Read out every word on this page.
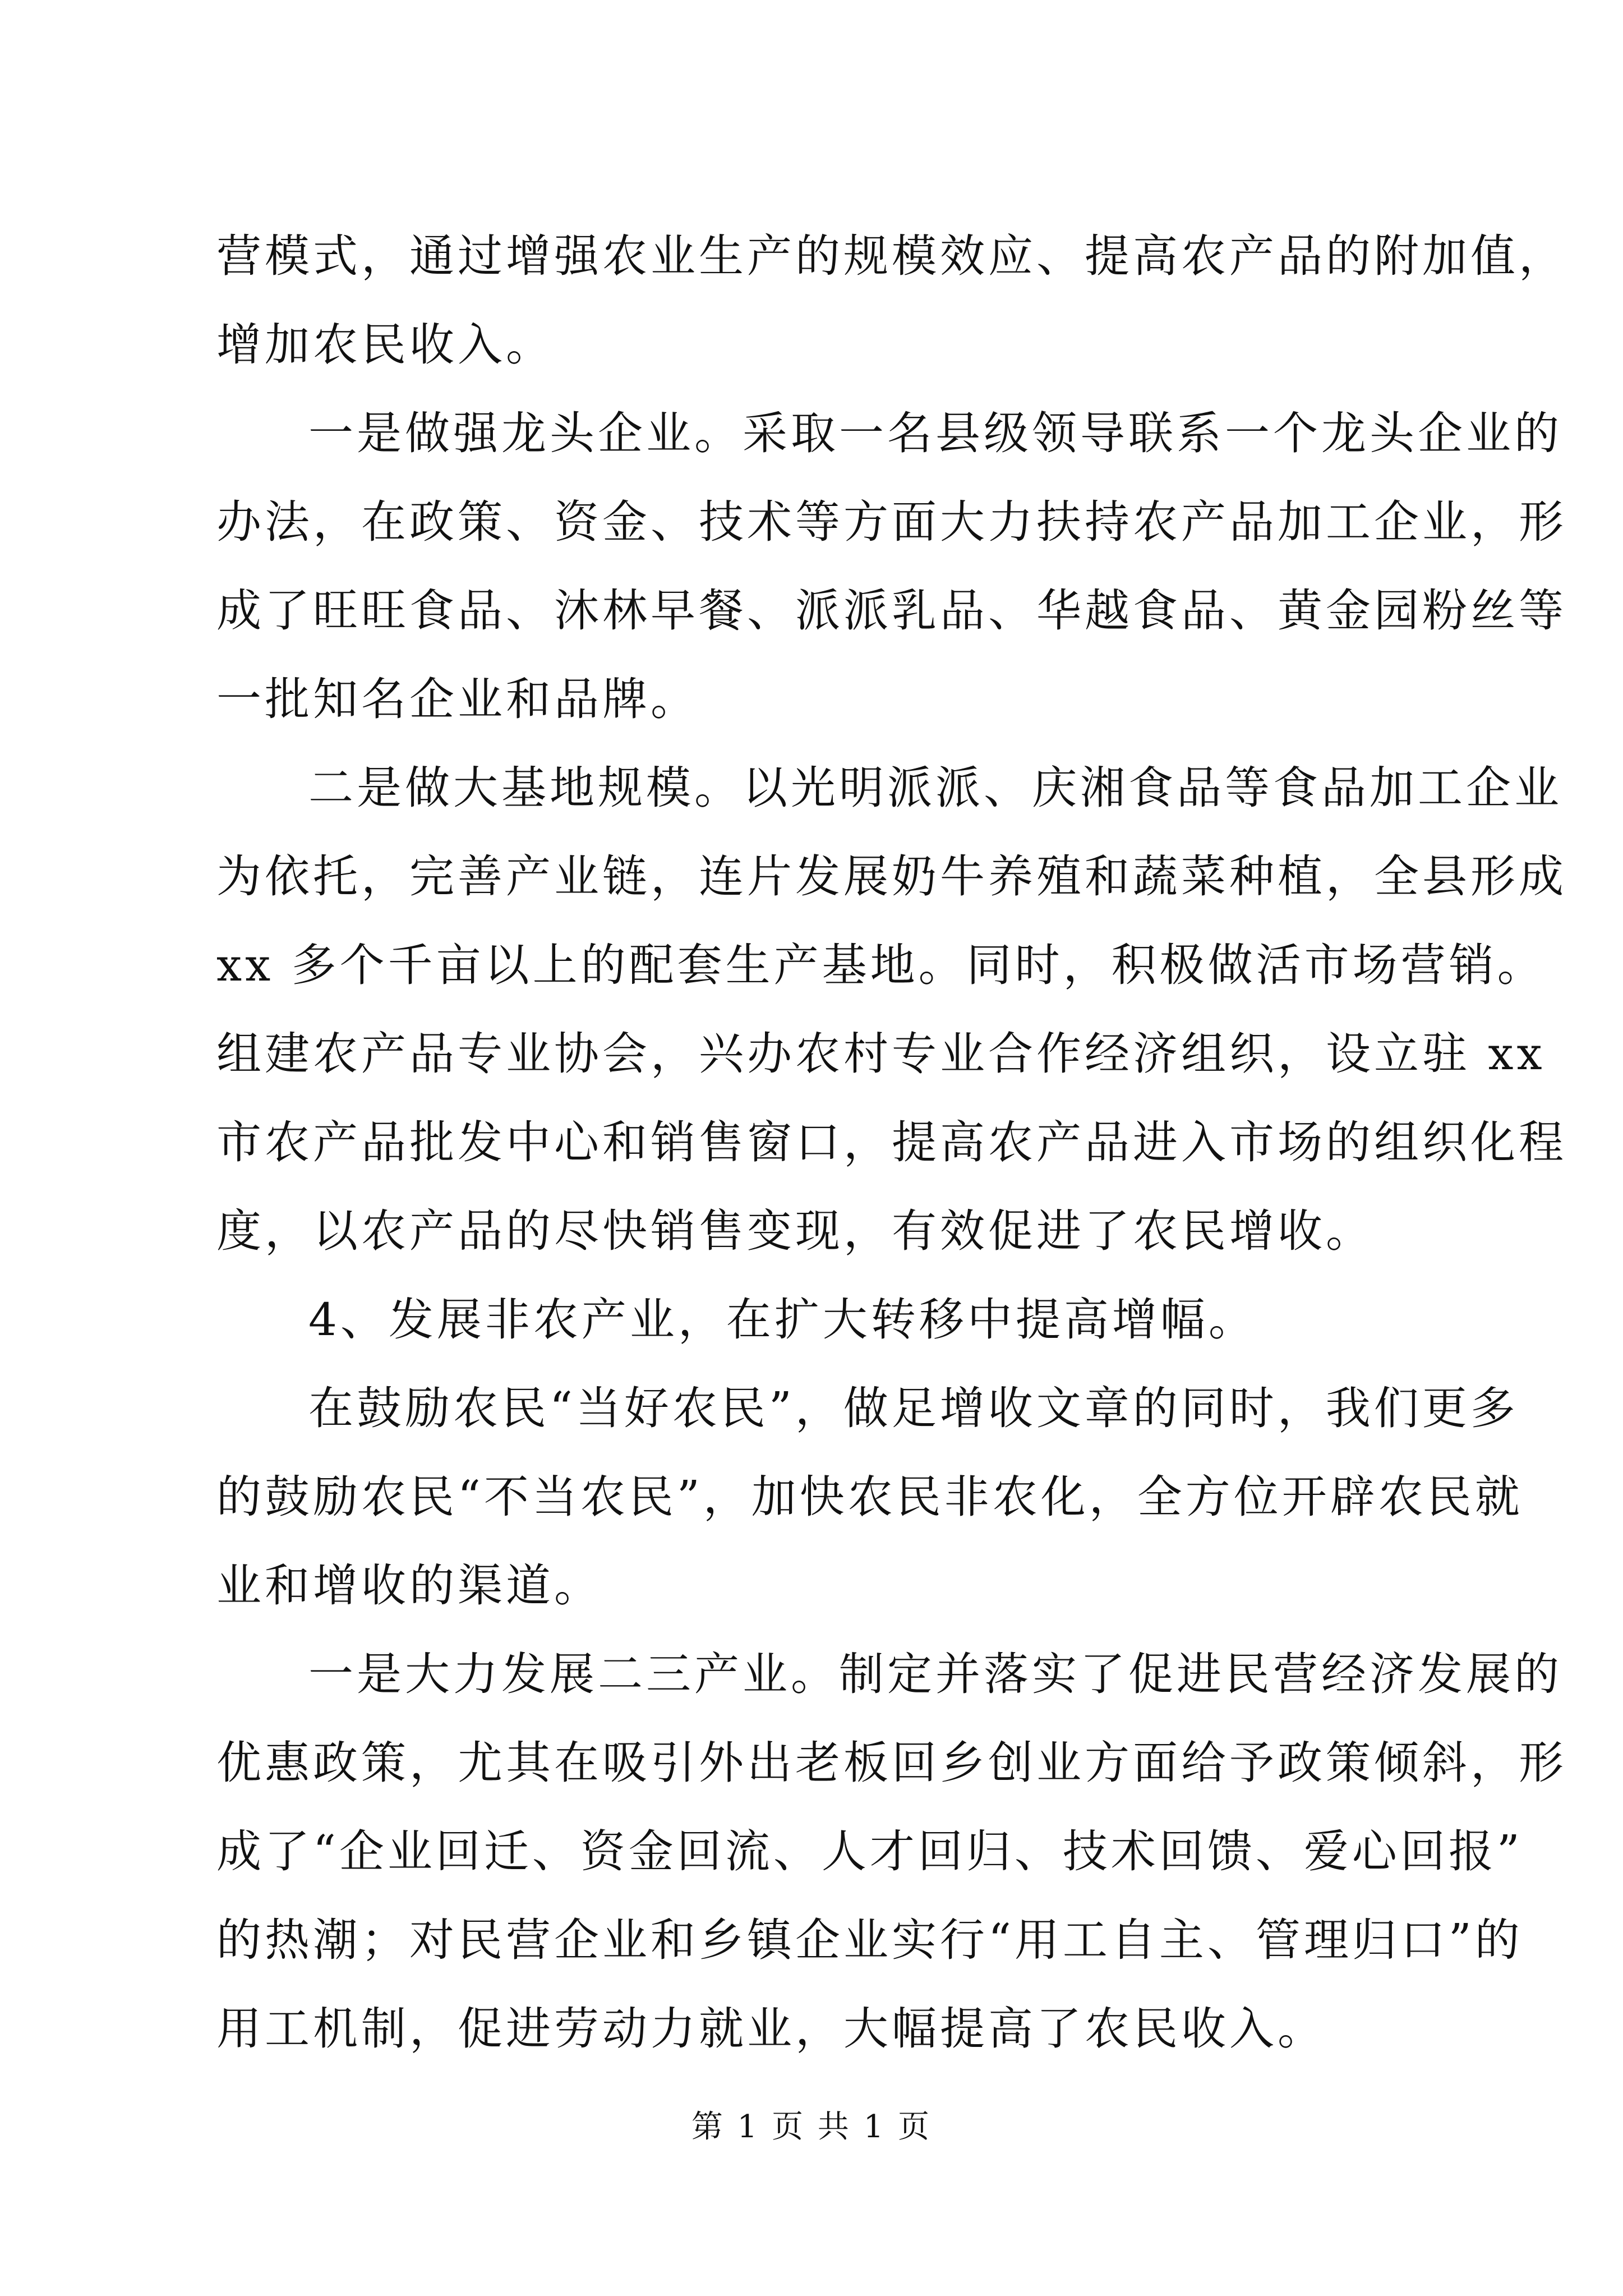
营模式，通过增强农业生产的规模效应、提高农产品的附加值，
增加农民收入。
一是做强龙头企业。采取一名县级领导联系一个龙头企业的
办法，在政策、资金、技术等方面大力扶持农产品加工企业，形
成了旺旺食品、沐林早餐、派派乳品、华越食品、黄金园粉丝等
一批知名企业和品牌。
二是做大基地规模。以光明派派、庆湘食品等食品加工企业
为依托，完善产业链，连片发展奶牛养殖和蔬菜种植，全县形成
xx 多个千亩以上的配套生产基地。同时，积极做活市场营销。
组建农产品专业协会，兴办农村专业合作经济组织，设立驻 xx
市农产品批发中心和销售窗口，提高农产品进入市场的组织化程
度，以农产品的尽快销售变现，有效促进了农民增收。
4、发展非农产业，在扩大转移中提高增幅。
在鼓励农民“当好农民”，做足增收文章的同时，我们更多
的鼓励农民“不当农民”，加快农民非农化，全方位开辟农民就
业和增收的渠道。
一是大力发展二三产业。制定并落实了促进民营经济发展的
优惠政策，尤其在吸引外出老板回乡创业方面给予政策倾斜，形
成了“企业回迁、资金回流、人才回归、技术回馈、爱心回报”
的热潮；对民营企业和乡镇企业实行“用工自主、管理归口”的
用工机制，促进劳动力就业，大幅提高了农民收入。
第 1 页 共 1 页
